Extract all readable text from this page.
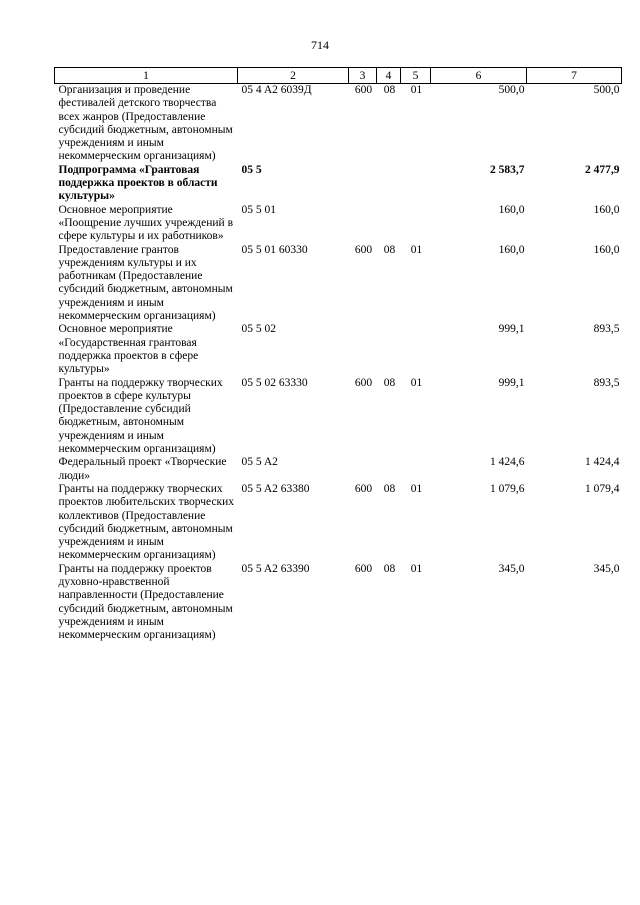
714
1	2	3	4	5	6	7
Организация и проведение фестивалей детского творчества всех жанров (Предоставление субсидий бюджетным, автономным учреждениям и иным некоммерческим организациям)	05 4 A2 6039Д	600	08	01	500,0	500,0
Подпрограмма «Грантовая поддержка проектов в области культуры»	05 5				2 583,7	2 477,9
Основное мероприятие «Поощрение лучших учреждений в сфере культуры и их работников»	05 5 01				160,0	160,0
Предоставление грантов учреждениям культуры и их работникам (Предоставление субсидий бюджетным, автономным учреждениям и иным некоммерческим организациям)	05 5 01 60330	600	08	01	160,0	160,0
Основное мероприятие «Государственная грантовая поддержка проектов в сфере культуры»	05 5 02				999,1	893,5
Гранты на поддержку творческих проектов в сфере культуры (Предоставление субсидий бюджетным, автономным учреждениям и иным некоммерческим организациям)	05 5 02 63330	600	08	01	999,1	893,5
Федеральный проект «Творческие люди»	05 5 A2				1 424,6	1 424,4
Гранты на поддержку творческих проектов любительских творческих коллективов (Предоставление субсидий бюджетным, автономным учреждениям и иным некоммерческим организациям)	05 5 A2 63380	600	08	01	1 079,6	1 079,4
Гранты на поддержку проектов духовно-нравственной направленности (Предоставление субсидий бюджетным, автономным учреждениям и иным некоммерческим организациям)	05 5 A2 63390	600	08	01	345,0	345,0
